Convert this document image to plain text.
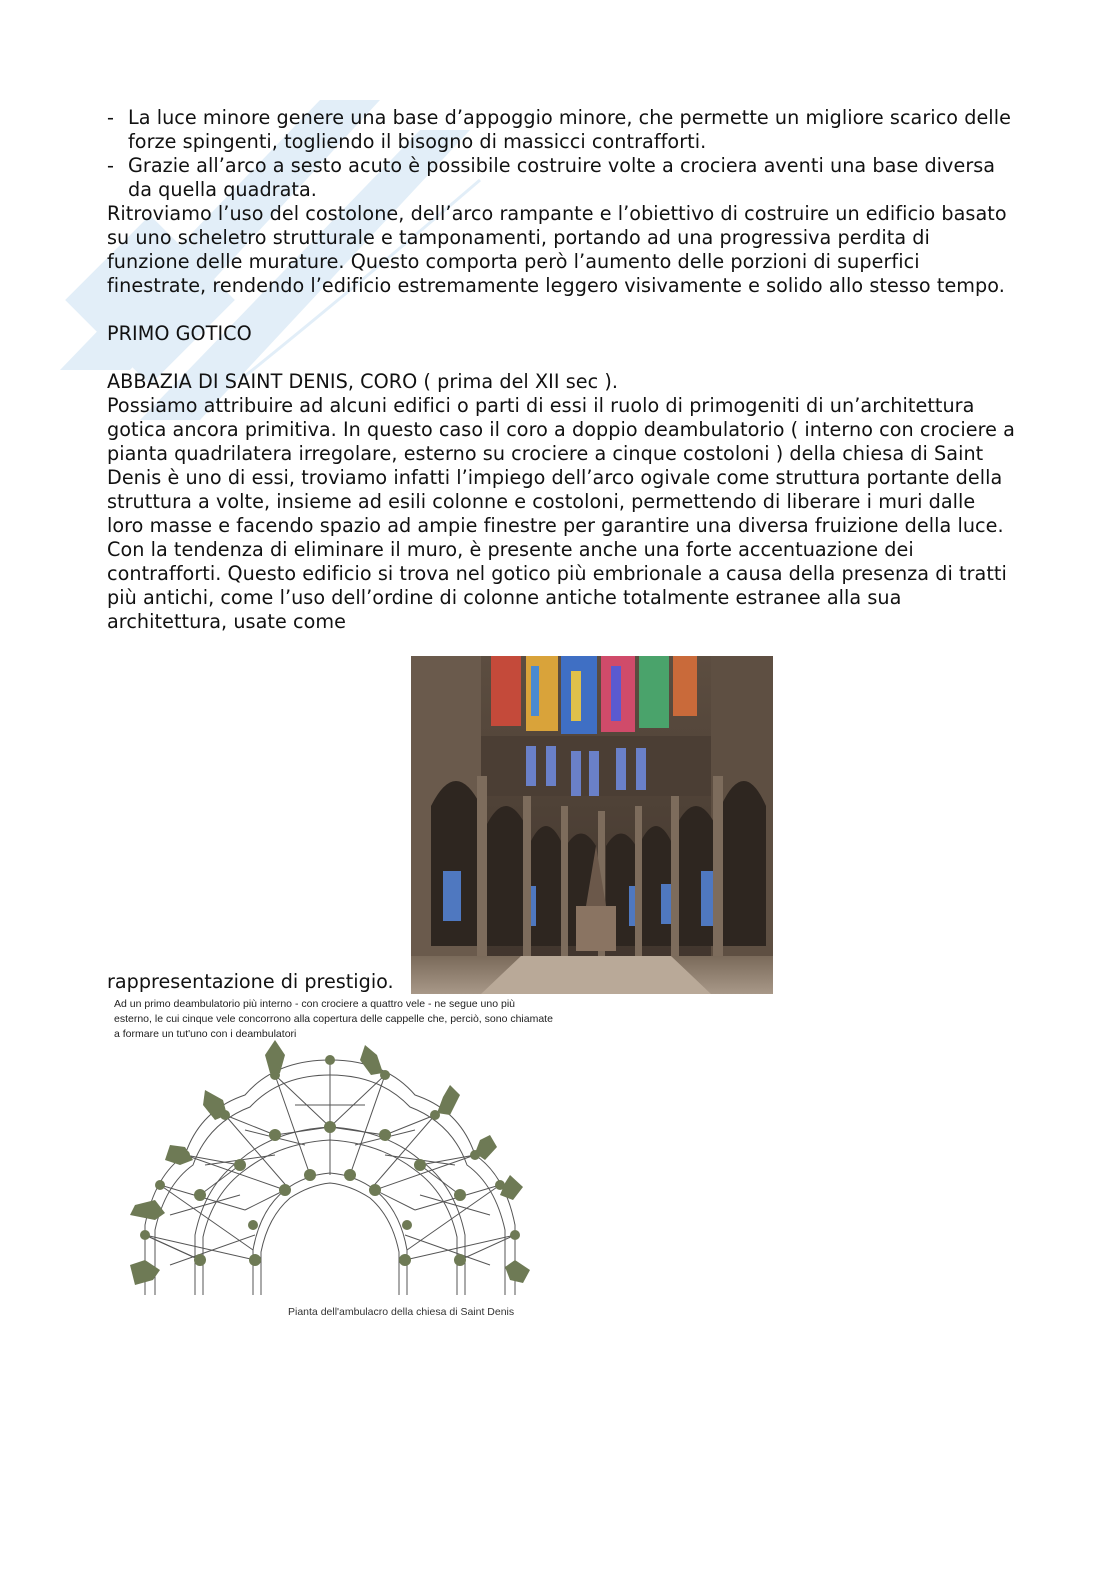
- La luce minore genere una base d’appoggio minore, che permette un migliore scarico delle forze spingenti, togliendo il bisogno di massicci contrafforti.
- Grazie all’arco a sesto acuto è possibile costruire volte a crociera aventi una base diversa da quella quadrata.

Ritroviamo l’uso del costolone, dell’arco rampante e l’obiettivo di costruire un edificio basato su uno scheletro strutturale e tamponamenti, portando ad una progressiva perdita di funzione delle murature. Questo comporta però l’aumento delle porzioni di superfici finestrate, rendendo l’edificio estremamente leggero visivamente e solido allo stesso tempo.

PRIMO GOTICO

ABBAZIA DI SAINT DENIS, CORO ( prima del XII sec ).

Possiamo attribuire ad alcuni edifici o parti di essi il ruolo di primogeniti di un’architettura gotica ancora primitiva. In questo caso il coro a doppio deambulatorio ( interno con crociere a pianta quadrilatera irregolare, esterno su crociere a cinque costoloni ) della chiesa di Saint Denis è uno di essi, troviamo infatti l’impiego dell’arco ogivale come struttura portante della struttura a volte, insieme ad esili colonne e costoloni, permettendo di liberare i muri dalle loro masse e facendo spazio ad ampie finestre per garantire una diversa fruizione della luce. Con la tendenza di eliminare il muro, è presente anche una forte accentuazione dei contrafforti. Questo edificio si trova nel gotico più embrionale a causa della presenza di tratti più antichi, come l’uso dell’ordine di colonne antiche totalmente estranee alla sua architettura, usate come

rappresentazione di prestigio.
Ad un primo deambulatorio più interno - con crociere a quattro vele - ne segue uno più esterno, le cui cinque vele concorrono alla copertura delle cappelle che, perciò, sono chiamate a formare un tut'uno con i deambulatori
Pianta dell'ambulacro della chiesa di Saint Denis
